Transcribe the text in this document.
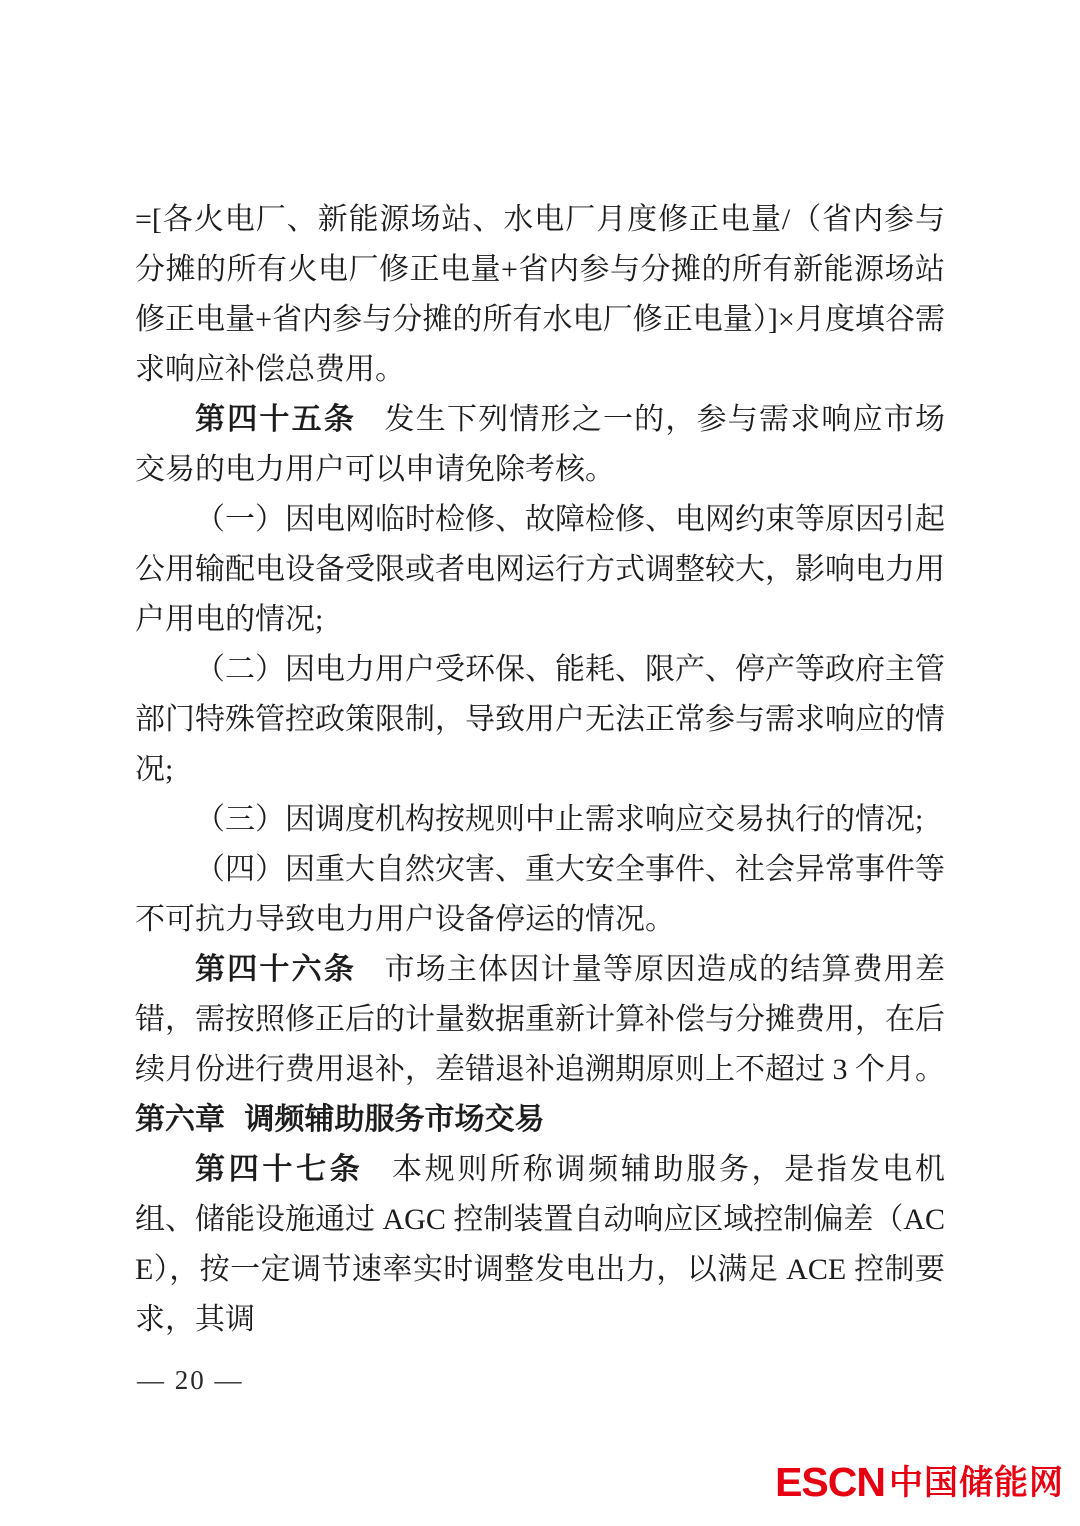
=[各火电厂、新能源场站、水电厂月度修正电量/（省内参与分摊的所有火电厂修正电量+省内参与分摊的所有新能源场站修正电量+省内参与分摊的所有水电厂修正电量）]×月度填谷需求响应补偿总费用。

第四十五条 发生下列情形之一的，参与需求响应市场交易的电力用户可以申请免除考核。

（一）因电网临时检修、故障检修、电网约束等原因引起公用输配电设备受限或者电网运行方式调整较大，影响电力用户用电的情况;

（二）因电力用户受环保、能耗、限产、停产等政府主管部门特殊管控政策限制，导致用户无法正常参与需求响应的情况;

（三）因调度机构按规则中止需求响应交易执行的情况;

（四）因重大自然灾害、重大安全事件、社会异常事件等不可抗力导致电力用户设备停运的情况。

第四十六条 市场主体因计量等原因造成的结算费用差错，需按照修正后的计量数据重新计算补偿与分摊费用，在后续月份进行费用退补，差错退补追溯期原则上不超过 3 个月。

第六章 调频辅助服务市场交易

第四十七条 本规则所称调频辅助服务，是指发电机组、储能设施通过 AGC 控制装置自动响应区域控制偏差（ACE），按一定调节速率实时调整发电出力，以满足 ACE 控制要求，其调

— 20 —
ESCN 中国储能网
